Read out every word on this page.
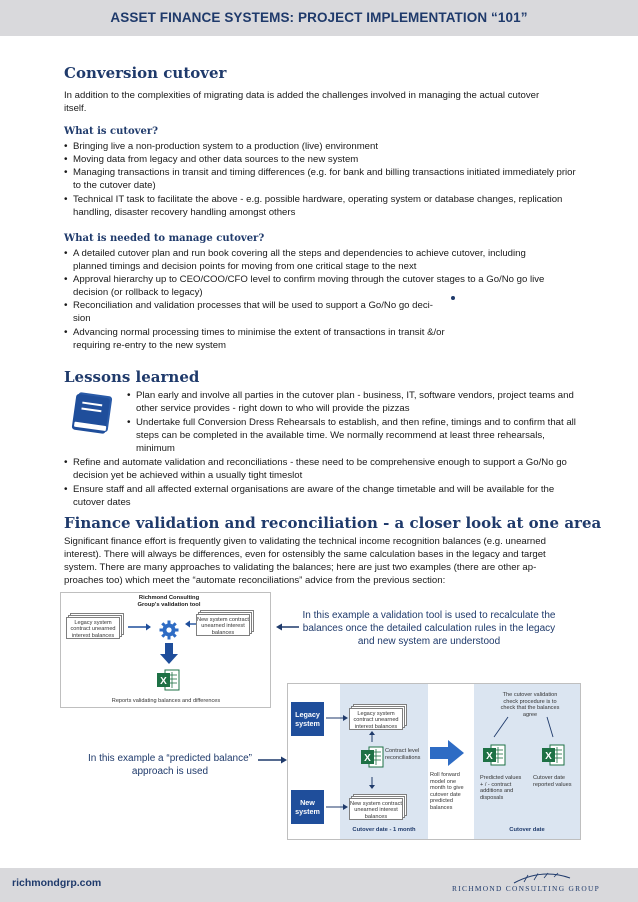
ASSET FINANCE SYSTEMS: PROJECT IMPLEMENTATION “101”
Conversion cutover
In addition to the complexities of migrating data is added the challenges involved in managing the actual cutover itself.
What is cutover?
• Bringing live a non-production system to a production (live) environment
• Moving data from legacy and other data sources to the new system
• Managing transactions in transit and timing differences (e.g. for bank and billing transactions initiated immediately prior to the cutover date)
• Technical IT task to facilitate the above - e.g. possible hardware, operating system or database changes, replication handling, disaster recovery handling amongst others
What is needed to manage cutover?
• A detailed cutover plan and run book covering all the steps and dependencies to achieve cutover, including planned timings and decision points for moving from one critical stage to the next
• Approval hierarchy up to CEO/COO/CFO level to confirm moving through the cutover stages to a Go/No go live decision (or rollback to legacy)
• Reconciliation and validation processes that will be used to support a Go/No go deci- sion
• Advancing normal processing times to minimise the extent of transactions in transit &/or requiring re-entry to the new system
Lessons learned
• Plan early and involve all parties in the cutover plan - business, IT, software vendors, project teams and other service provides - right down to who will provide the pizzas
• Undertake full Conversion Dress Rehearsals to establish, and then refine, timings and to confirm that all steps can be completed in the available time. We normally recommend at least three rehearsals, minimum
• Refine and automate validation and reconciliations - these need to be comprehensive enough to support a Go/No go decision yet be achieved within a usually tight timeslot
• Ensure staff and all affected external organisations are aware of the change timetable and will be available for the cutover dates
Finance validation and reconciliation - a closer look at one area
Significant finance effort is frequently given to validating the technical income recognition balances (e.g. unearned interest). There will always be differences, even for ostensibly the same calculation bases in the legacy and target system. There are many approaches to validating the balances; here are just two examples (there are other ap- proaches too) which meet the “automate reconciliations” advice from the previous section:
Richmond Consulting Group's validation tool
Legacy system contract unearned interest balances
New system contract unearned interest balances
X
Reports validating balances and differences
In this example a validation tool is used to recalculate the balances once the detailed calculation rules in the legacy and new system are understood
In this example a “predicted balance” approach is used
Legacy system
New system
Legacy system contract unearned interest balances
New system contract unearned interest balances
X
Contract level reconciliations
Roll forward model one month to give cutover date predicted balances
The cutover validation check procedure is to check that the balances agree
X	X
Predicted values + / - contract additions and disposals
Cutover date reported values
Cutover date - 1 month	Cutover date
richmondgrp.com	RICHMOND CONSULTING GROUP
